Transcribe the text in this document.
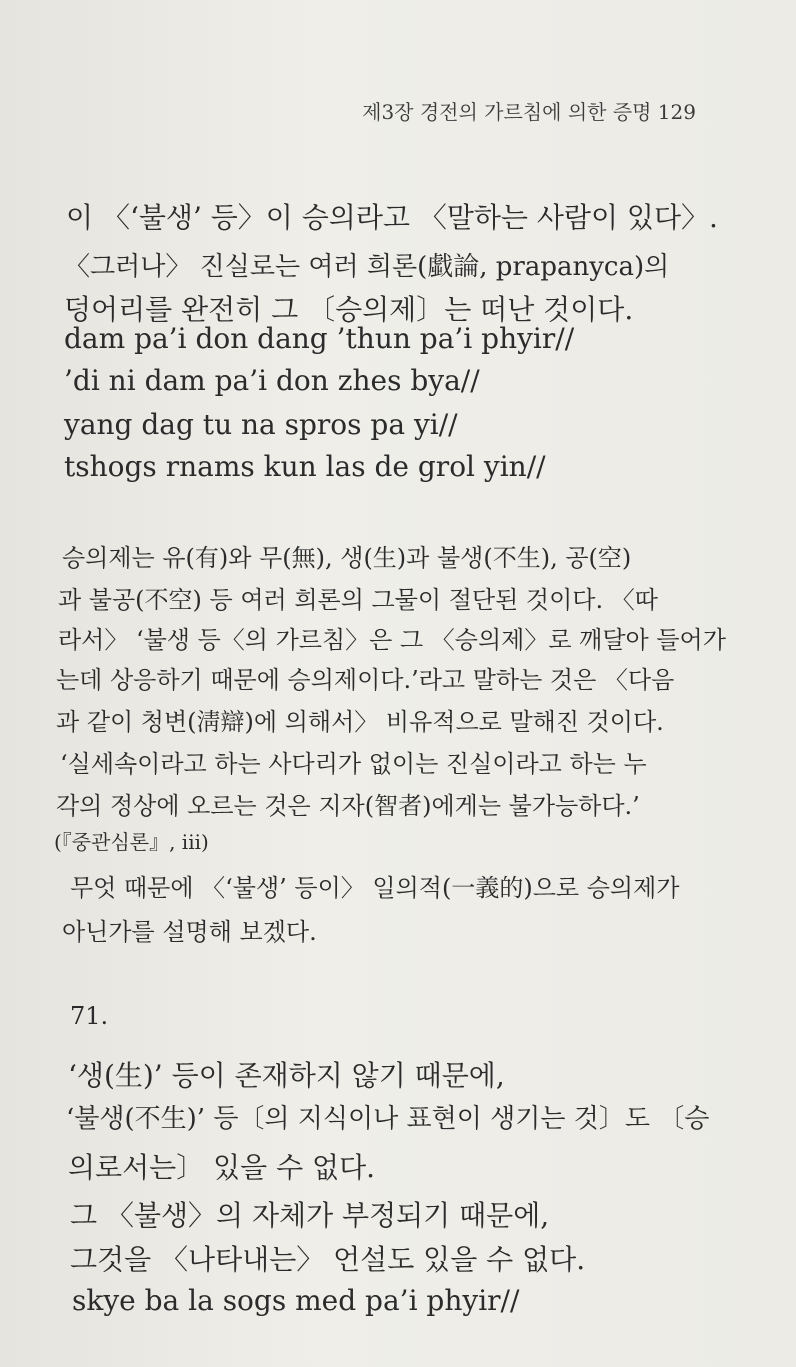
제3장 경전의 가르침에 의한 증명 129
이 〈‘불생’ 등〉이 승의라고 〈말하는 사람이 있다〉.
〈그러나〉 진실로는 여러 희론(戱論, prapanyca)의
덩어리를 완전히 그 〔승의제〕는 떠난 것이다.
dam pa’i don dang ’thun pa’i phyir//
’di ni dam pa’i don zhes bya//
yang dag tu na spros pa yi//
tshogs rnams kun las de grol yin//
승의제는 유(有)와 무(無), 생(生)과 불생(不生), 공(空)
과 불공(不空) 등 여러 희론의 그물이 절단된 것이다. 〈따
라서〉 ‘불생 등〈의 가르침〉은 그 〈승의제〉로 깨달아 들어가
는데 상응하기 때문에 승의제이다.’라고 말하는 것은 〈다음
과 같이 청변(淸辯)에 의해서〉 비유적으로 말해진 것이다.
‘실세속이라고 하는 사다리가 없이는 진실이라고 하는 누
각의 정상에 오르는 것은 지자(智者)에게는 불가능하다.’
(『중관심론』, iii)
무엇 때문에 〈‘불생’ 등이〉 일의적(一義的)으로 승의제가
아닌가를 설명해 보겠다.
71.
‘생(生)’ 등이 존재하지 않기 때문에,
‘불생(不生)’ 등〔의 지식이나 표현이 생기는 것〕도 〔승
의로서는〕 있을 수 없다.
그 〈불생〉의 자체가 부정되기 때문에,
그것을 〈나타내는〉 언설도 있을 수 없다.
skye ba la sogs med pa’i phyir//
